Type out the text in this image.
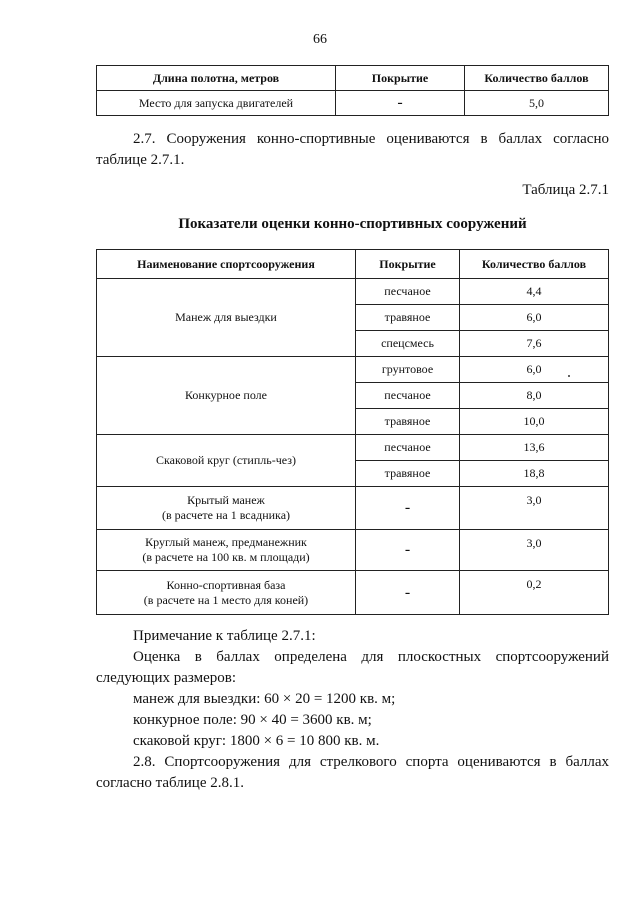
66
Длина полотна, метров	Покрытие	Количество баллов
Место для запуска двигателей	-	5,0
2.7. Сооружения конно-спортивные оцениваются в баллах согласно таблице 2.7.1.
Таблица 2.7.1
Показатели оценки конно-спортивных сооружений
Наименование спортсооружения	Покрытие	Количество баллов
Манеж для выездки	песчаное	4,4
	травяное	6,0
	спецсмесь	7,6
Конкурное поле	грунтовое	6,0
	песчаное	8,0
	травяное	10,0
Скаковой круг (стипль-чез)	песчаное	13,6
	травяное	18,8

Крытый манеж
(в расчете на 1 всадника)	-	3,0

Круглый манеж, предманежник
(в расчете на 100 кв. м площади)	-	3,0

Конно-спортивная база
(в расчете на 1 место для коней)	-	0,2
Примечание к таблице 2.7.1:
Оценка в баллах определена для плоскостных спортсооружений следующих размеров:
манеж для выездки: 60 × 20 = 1200 кв. м;
конкурное поле: 90 × 40 = 3600 кв. м;
скаковой круг: 1800 × 6 = 10 800 кв. м.
2.8. Спортсооружения для стрелкового спорта оцениваются в баллах согласно таблице 2.8.1.
